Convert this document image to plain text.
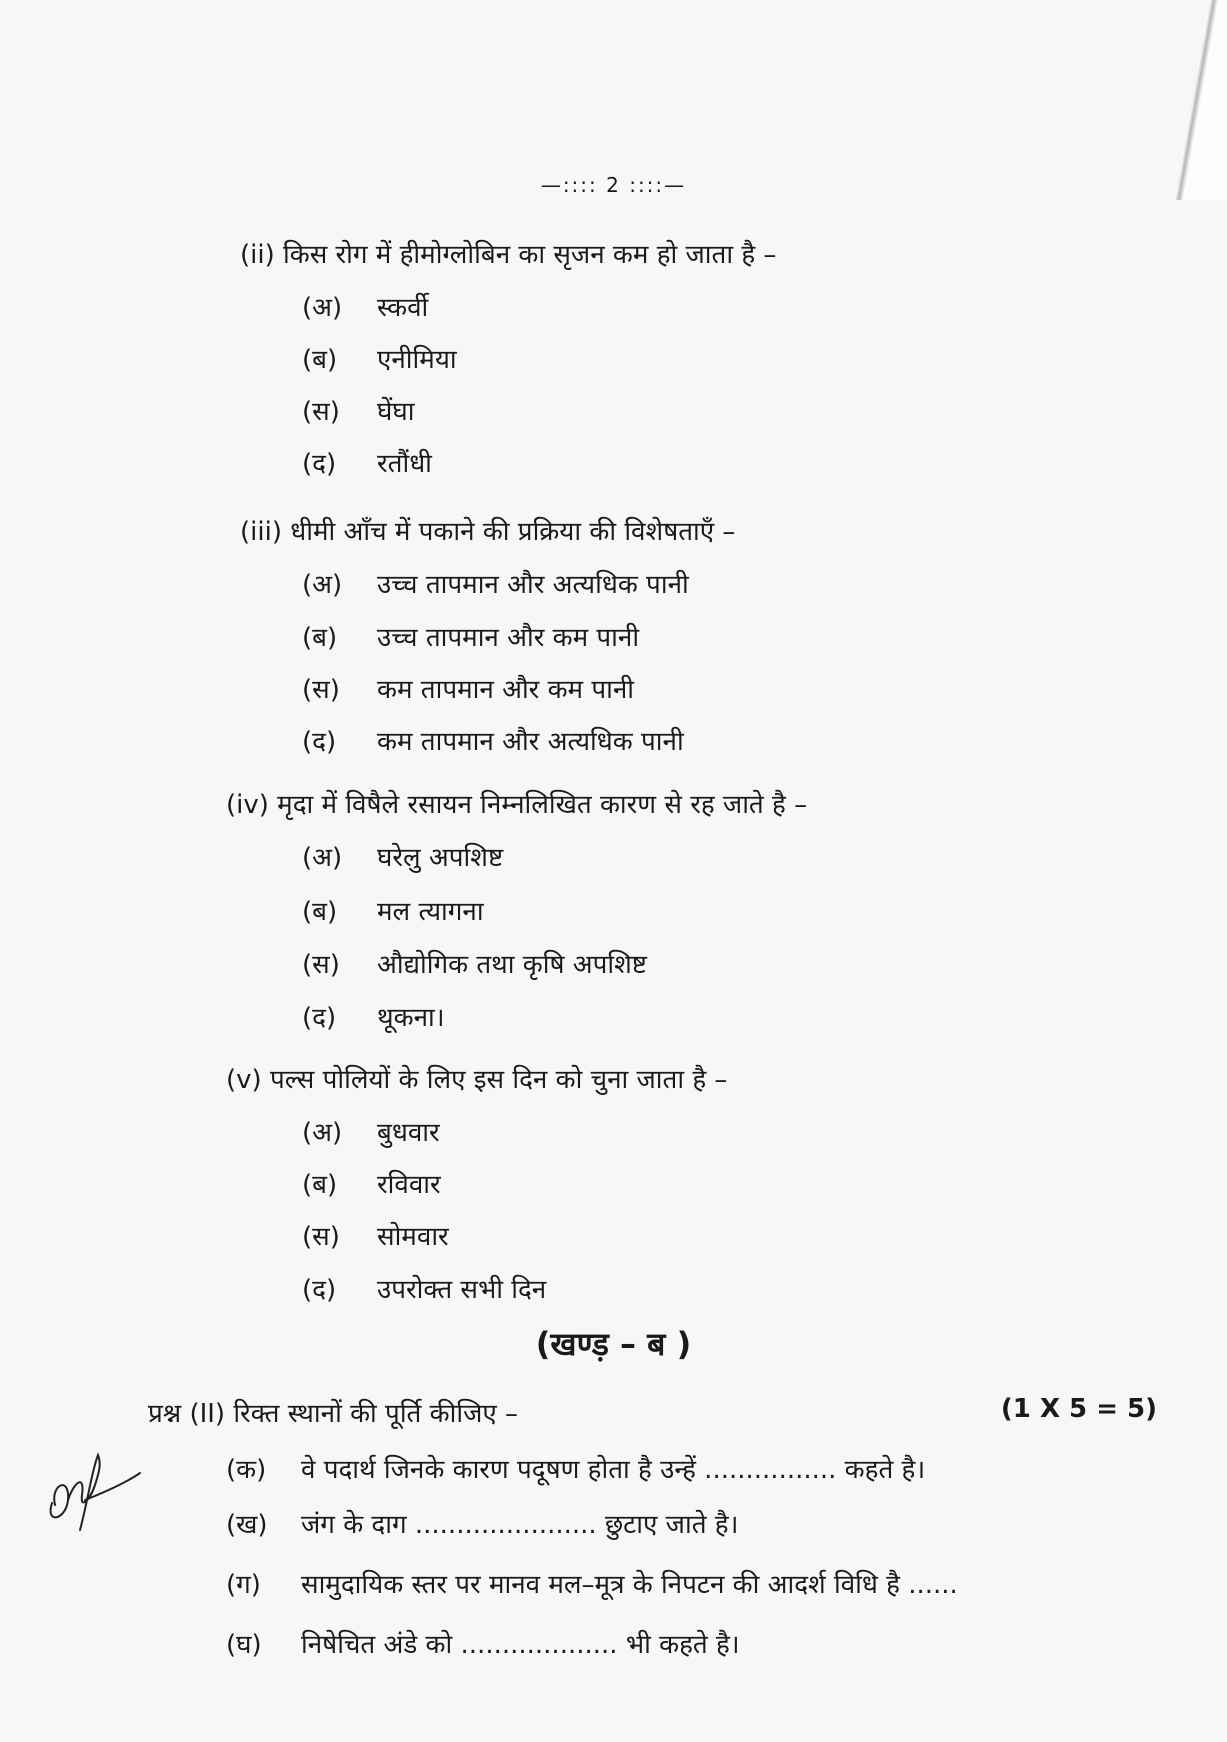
—:::: 2 ::::—
(ii) किस रोग में हीमोग्लोबिन का सृजन कम हो जाता है –
(अ) स्कर्वी
(ब) एनीमिया
(स) घेंघा
(द) रतौंधी
(iii) धीमी ऑंच में पकाने की प्रक्रिया की विशेषताएँ –
(अ) उच्च तापमान और अत्यधिक पानी
(ब) उच्च तापमान और कम पानी
(स) कम तापमान और कम पानी
(द) कम तापमान और अत्यधिक पानी
(iv) मृदा में विषैले रसायन निम्नलिखित कारण से रह जाते है –
(अ) घरेलु अपशिष्ट
(ब) मल त्यागना
(स) औद्योगिक तथा कृषि अपशिष्ट
(द) थूकना।
(v) पल्स पोलियों के लिए इस दिन को चुना जाता है –
(अ) बुधवार
(ब) रविवार
(स) सोमवार
(द) उपरोक्त सभी दिन
(खण्ड़ – ब )
प्रश्न (II) रिक्त स्थानों की पूर्ति कीजिए –	(1 X 5 = 5)
(क) वे पदार्थ जिनके कारण पदूषण होता है उन्हें ................ कहते है।
(ख) जंग के दाग ...................... छुटाए जाते है।
(ग) सामुदायिक स्तर पर मानव मल–मूत्र के निपटन की आदर्श विधि है ......
(घ) निषेचित अंडे को ................... भी कहते है।
